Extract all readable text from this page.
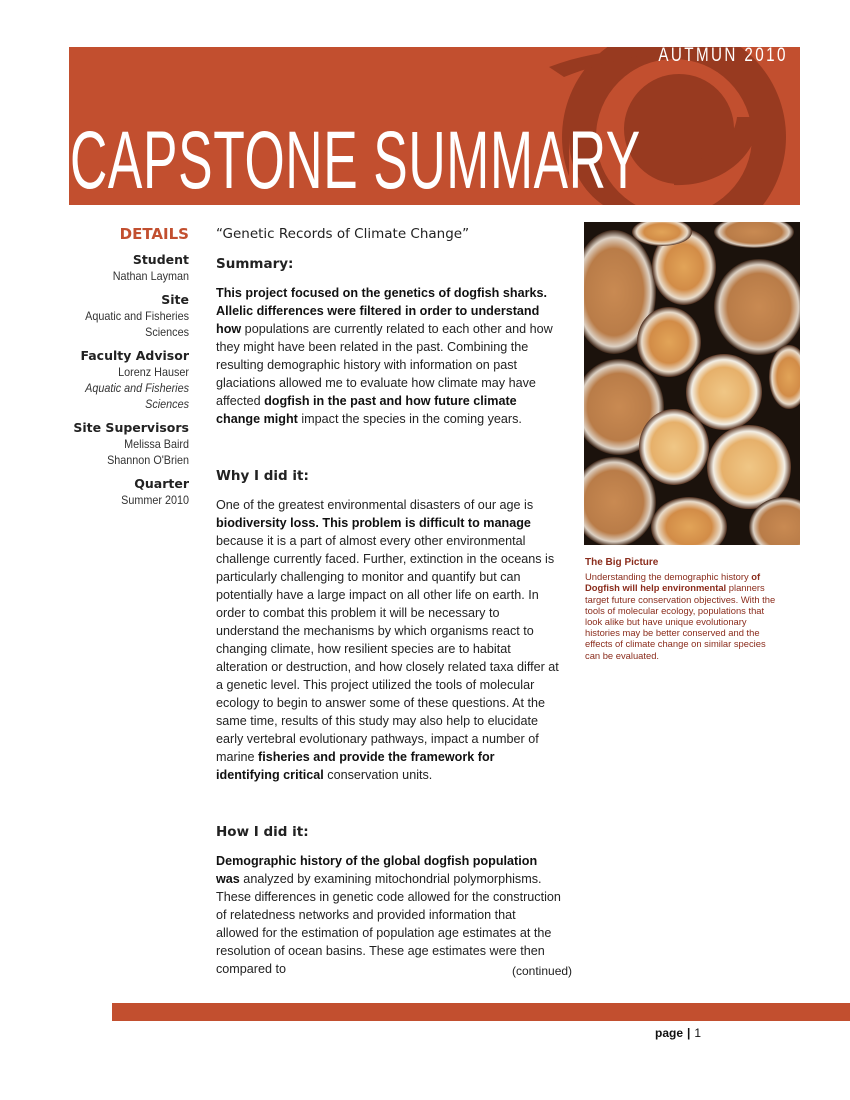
AUTMUN 2010
CAPSTONE SUMMARY
DETAILS
Student
Nathan Layman
Site
Aquatic and Fisheries
Sciences
Faculty Advisor
Lorenz Hauser
Aquatic and Fisheries
Sciences
Site Supervisors
Melissa Baird
Shannon O'Brien
Quarter
Summer 2010
“Genetic Records of Climate Change”
Summary:

This project focused on the genetics of dogfish sharks. Allelic differences were filtered in order to understand how populations are currently related to each other and how they might have been related in the past. Combining the resulting demographic history with information on past glaciations allowed me to evaluate how climate may have affected dogfish in the past and how future climate change might impact the species in the coming years.

Why I did it:

One of the greatest environmental disasters of our age is biodiversity loss. This problem is difficult to manage because it is a part of almost every other environmental challenge currently faced. Further, extinction in the oceans is particularly challenging to monitor and quantify but can potentially have a large impact on all other life on earth. In order to combat this problem it will be necessary to understand the mechanisms by which organisms react to changing climate, how resilient species are to habitat alteration or destruction, and how closely related taxa differ at a genetic level. This project utilized the tools of molecular ecology to begin to answer some of these questions. At the same time, results of this study may also help to elucidate early vertebral evolutionary pathways, impact a number of marine fisheries and provide the framework for identifying critical conservation units.

How I did it:

Demographic history of the global dogfish population was analyzed by examining mitochondrial polymorphisms. These differences in genetic code allowed for the construction of relatedness networks and provided information that allowed for the estimation of population age estimates at the resolution of ocean basins. These age estimates were then compared to	(continued)
The Big Picture

Understanding the demographic history of Dogfish will help environmental planners target future conservation objectives. With the tools of molecular ecology, populations that look alike but have unique evolutionary histories may be better conserved and the effects of climate change on similar species can be evaluated.

page | 1
